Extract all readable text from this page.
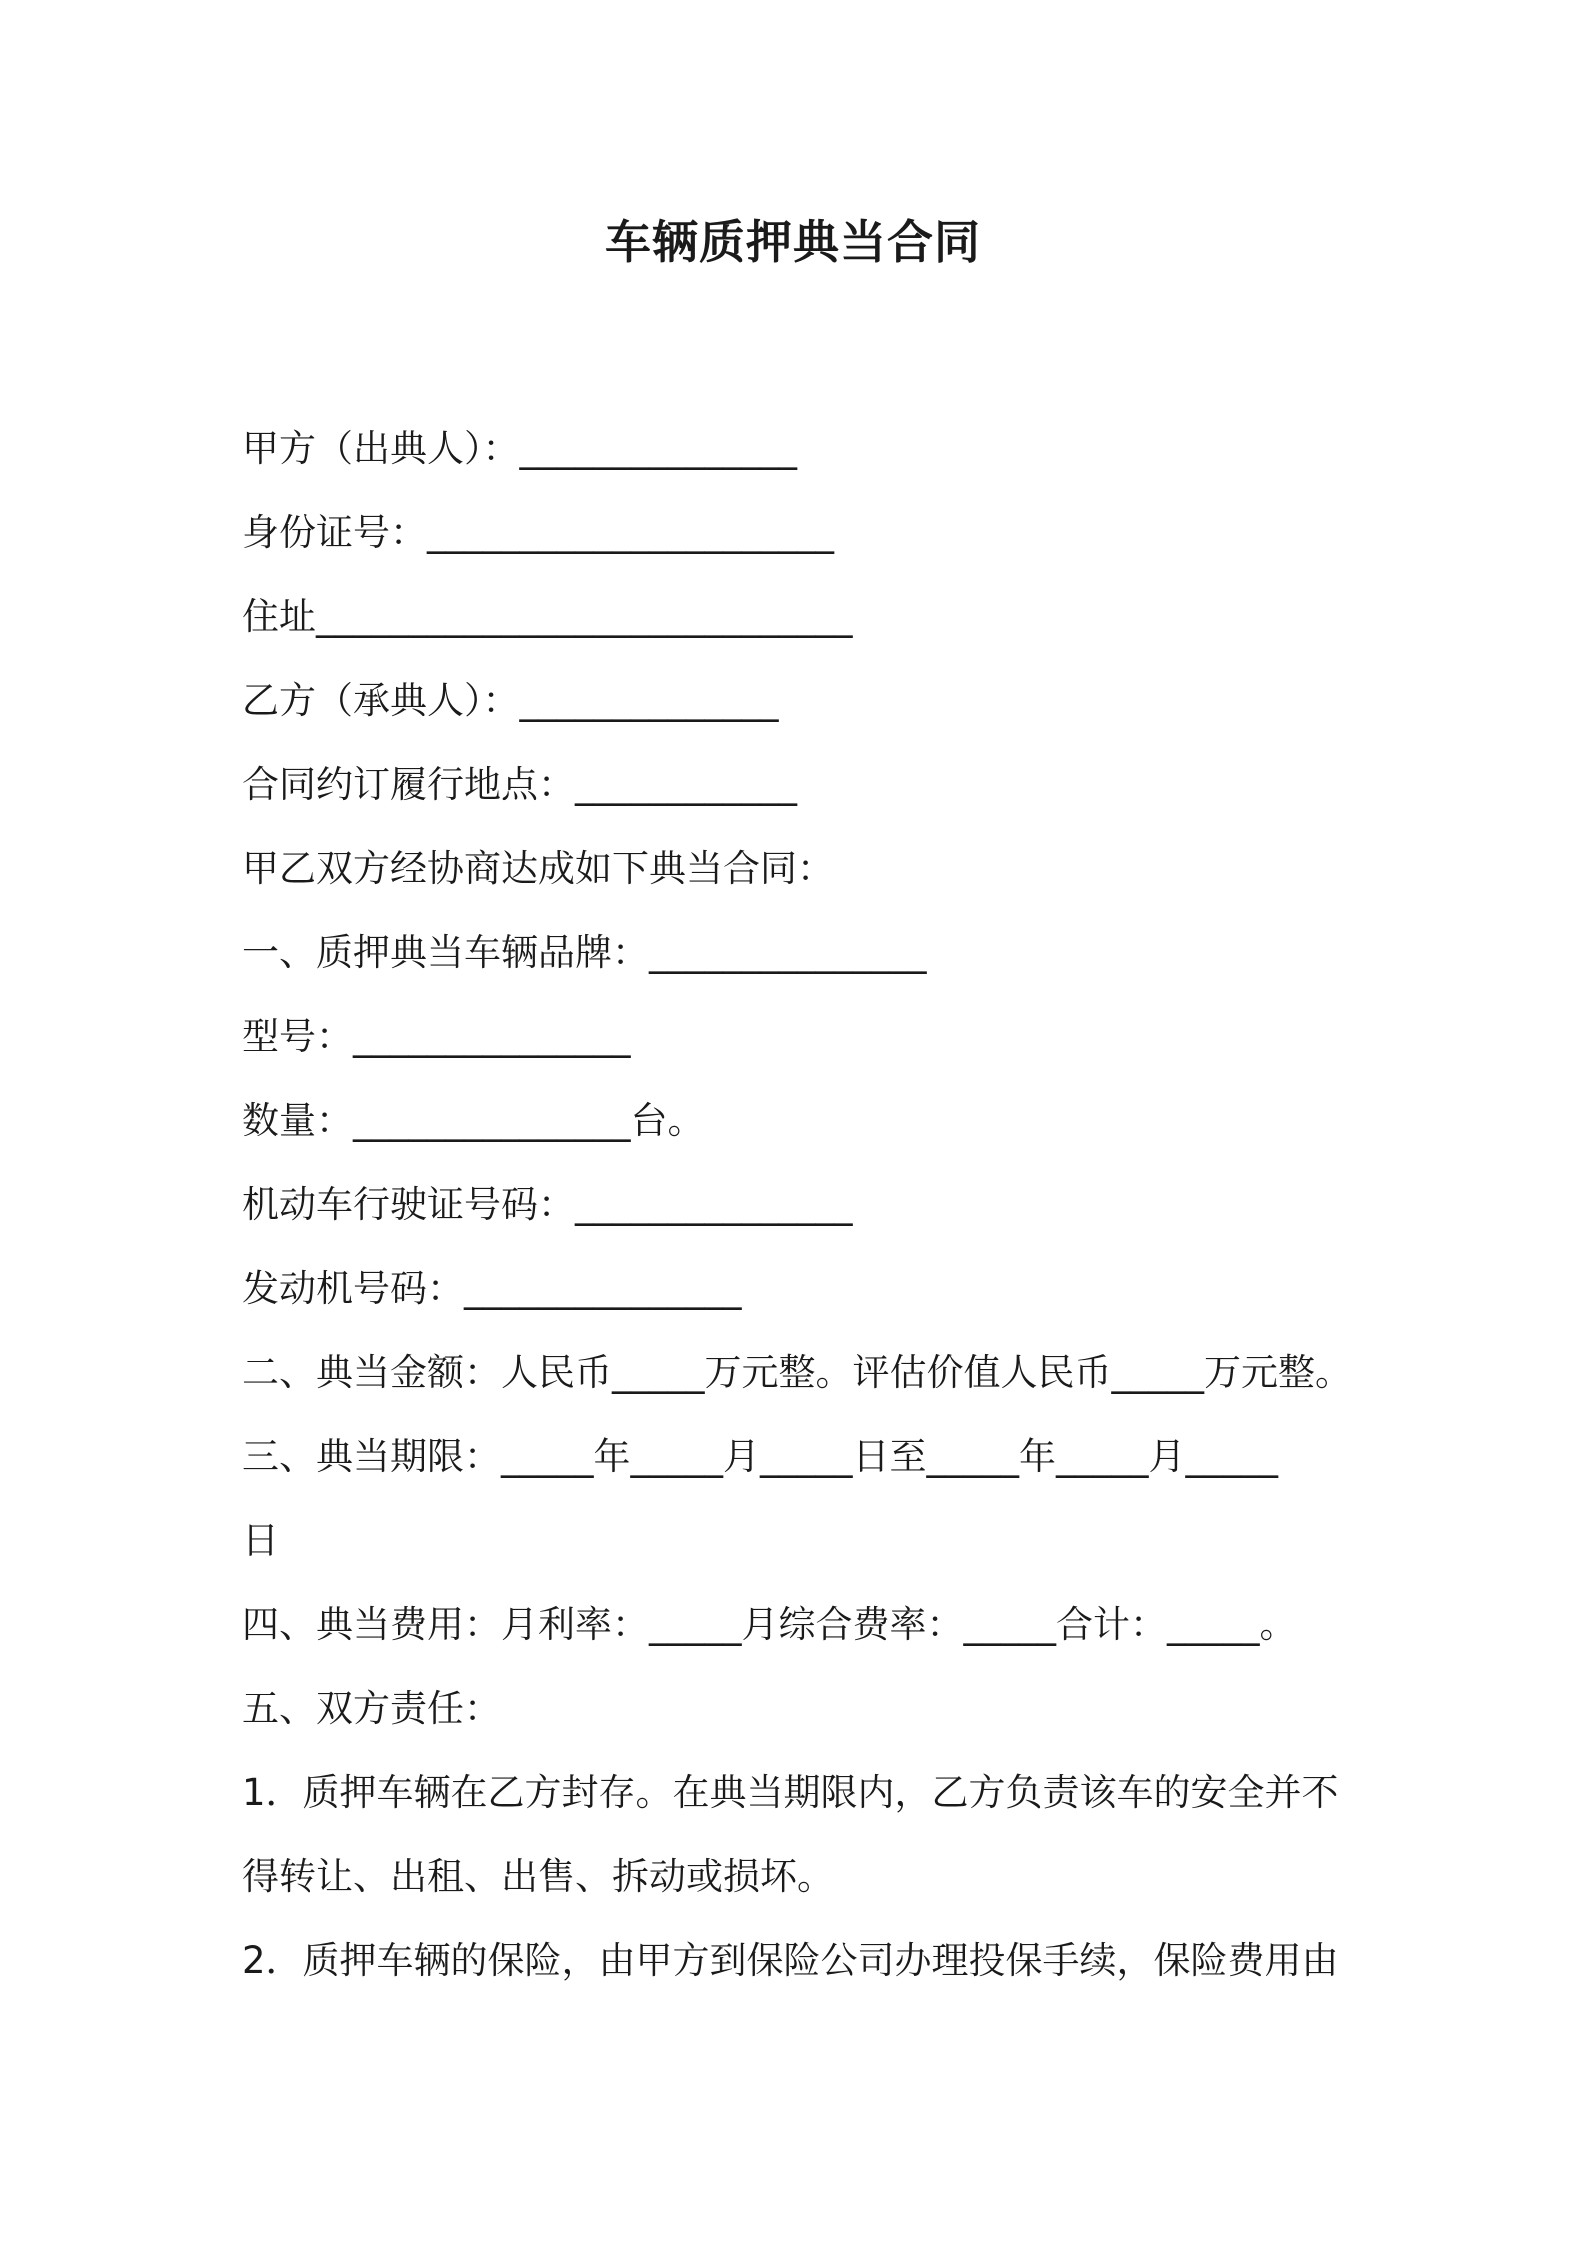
车辆质押典当合同

甲方（出典人）：_______________

身份证号：______________________

住址_____________________________

乙方（承典人）：______________

合同约订履行地点：____________

甲乙双方经协商达成如下典当合同：

一、质押典当车辆品牌：_______________

型号：_______________

数量：_______________台。

机动车行驶证号码：_______________

发动机号码：_______________

二、典当金额：人民币_____万元整。评估价值人民币_____万元整。

三、典当期限：_____年_____月_____日至_____年_____月_____

日

四、典当费用：月利率：_____月综合费率：_____合计：_____。

五、双方责任：

1．质押车辆在乙方封存。在典当期限内，乙方负责该车的安全并不

得转让、出租、出售、拆动或损坏。

2．质押车辆的保险，由甲方到保险公司办理投保手续，保险费用由
